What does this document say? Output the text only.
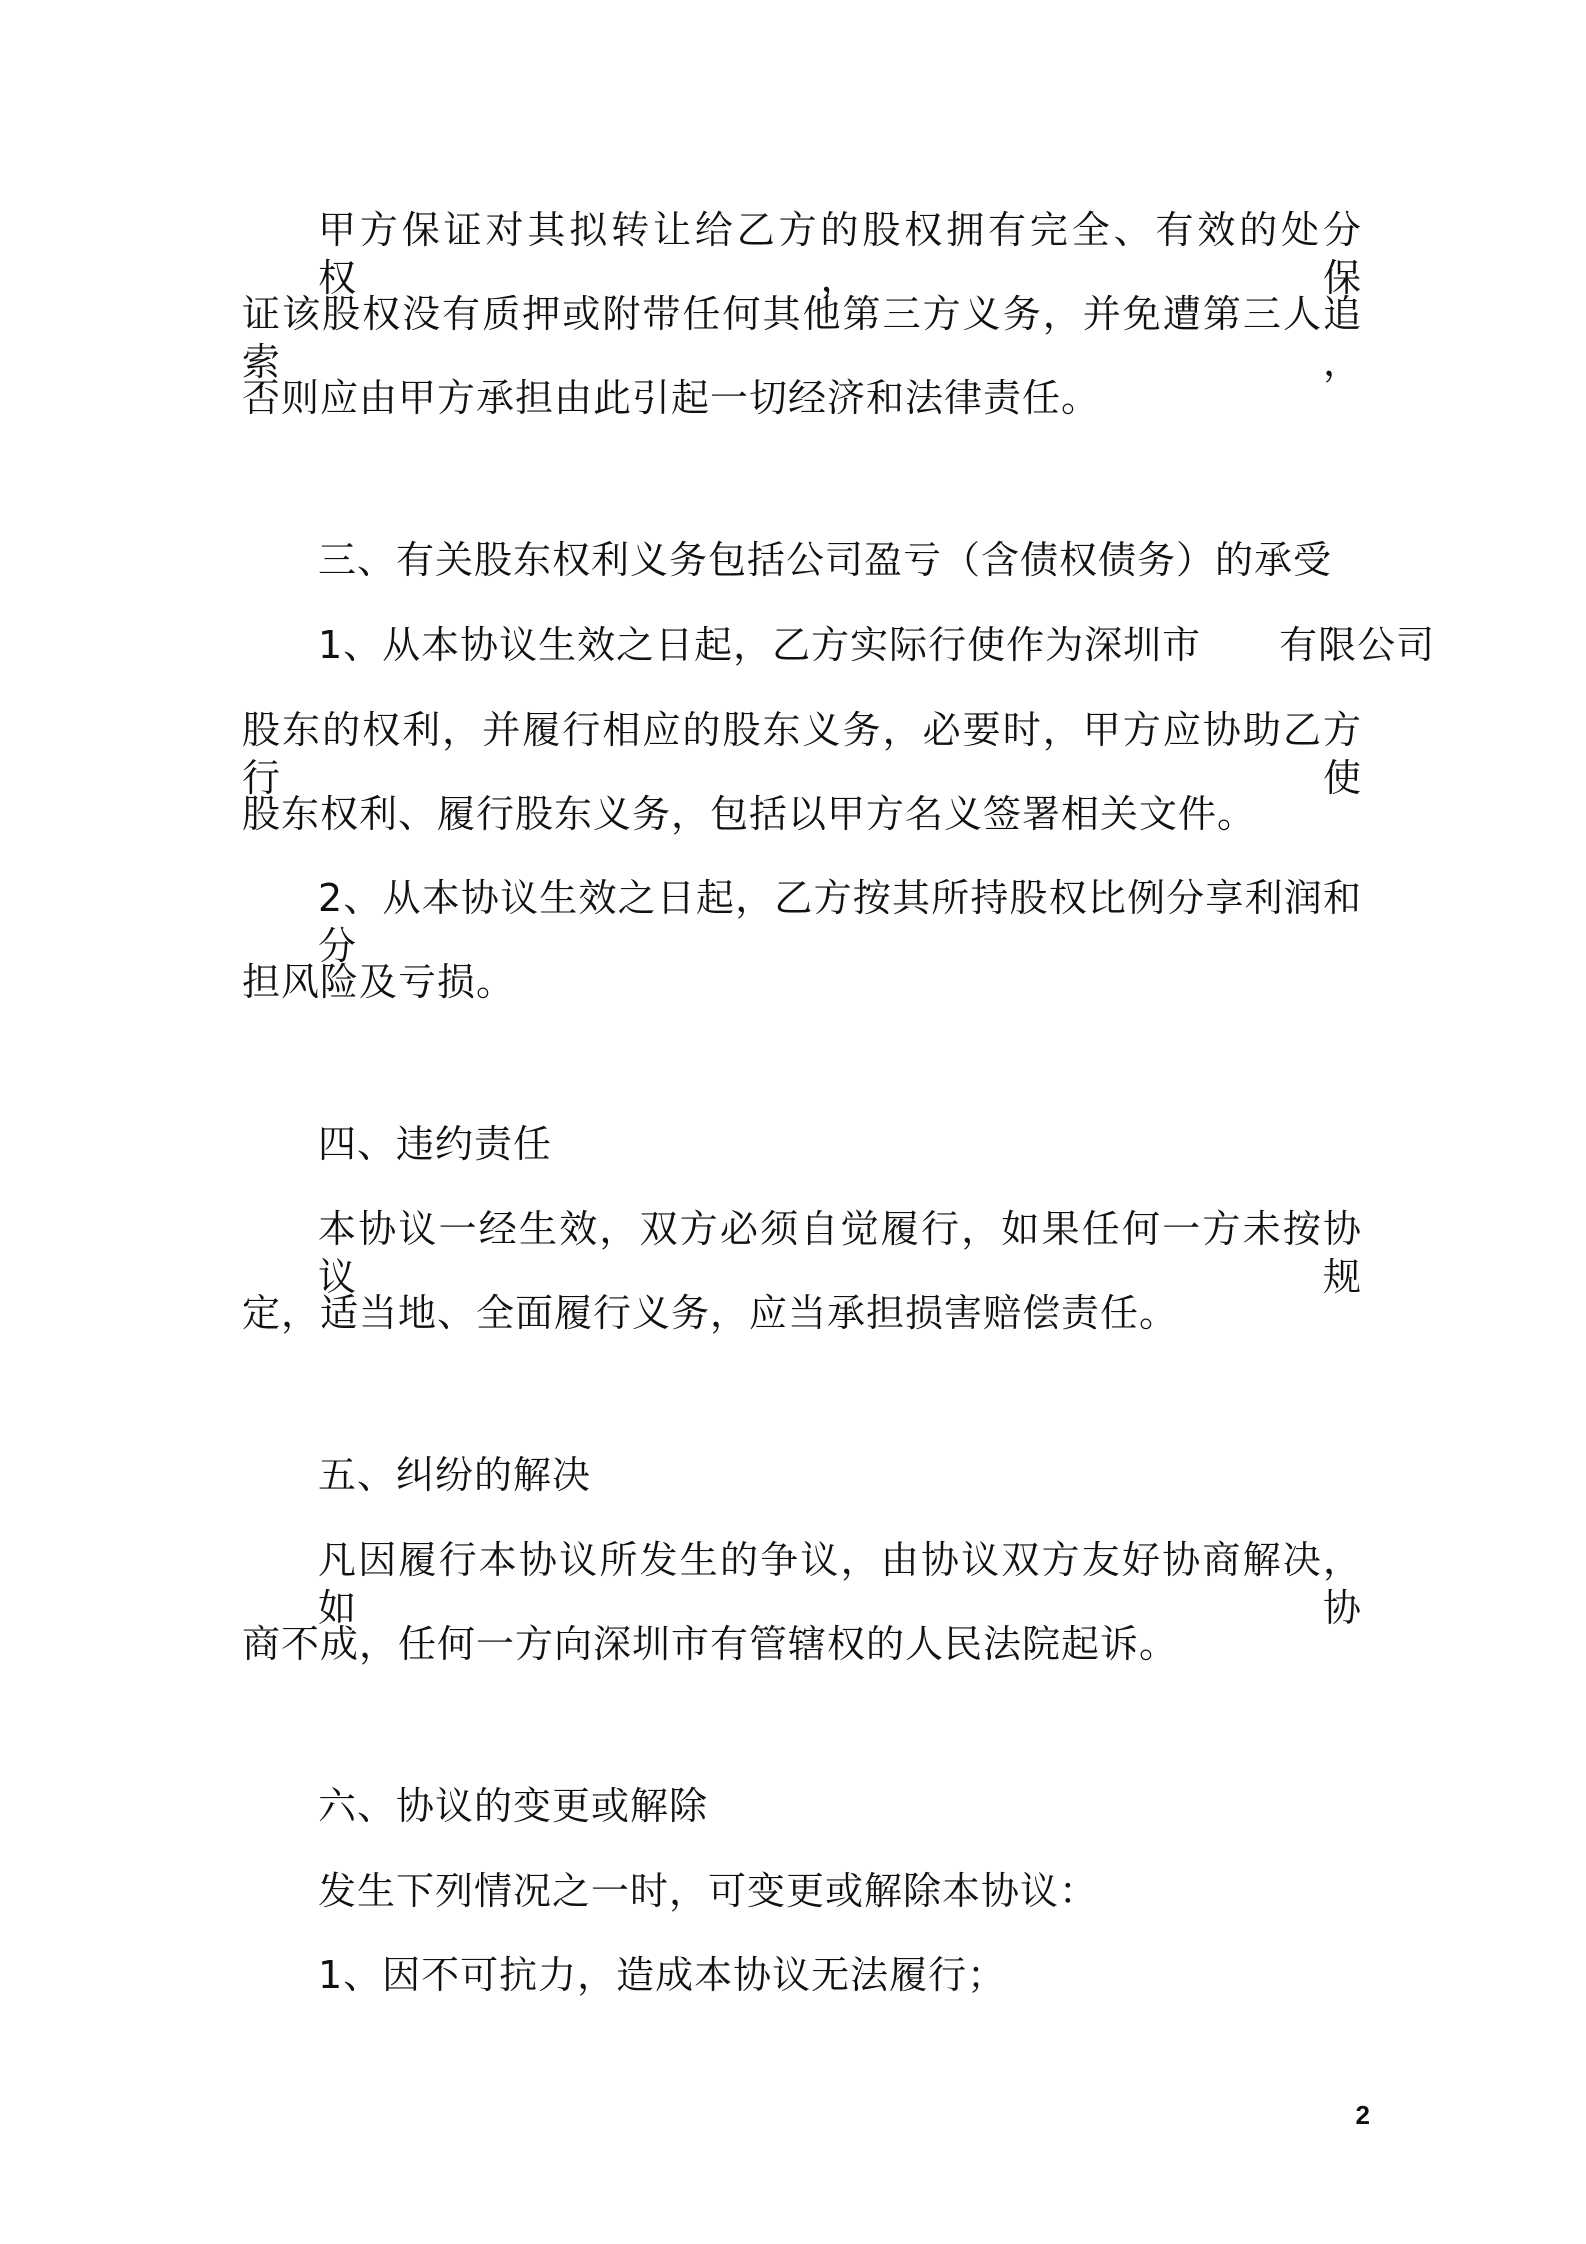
甲方保证对其拟转让给乙方的股权拥有完全、有效的处分权，保
证该股权没有质押或附带任何其他第三方义务，并免遭第三人追索，
否则应由甲方承担由此引起一切经济和法律责任。
三、有关股东权利义务包括公司盈亏（含债权债务）的承受
1、从本协议生效之日起，乙方实际行使作为深圳市　　有限公司
股东的权利，并履行相应的股东义务，必要时，甲方应协助乙方行使
股东权利、履行股东义务，包括以甲方名义签署相关文件。
2、从本协议生效之日起，乙方按其所持股权比例分享利润和分
担风险及亏损。
四、违约责任
本协议一经生效，双方必须自觉履行，如果任何一方未按协议规
定，适当地、全面履行义务，应当承担损害赔偿责任。
五、纠纷的解决
凡因履行本协议所发生的争议，由协议双方友好协商解决，如协
商不成，任何一方向深圳市有管辖权的人民法院起诉。
六、协议的变更或解除
发生下列情况之一时，可变更或解除本协议：
1、因不可抗力，造成本协议无法履行；
2
